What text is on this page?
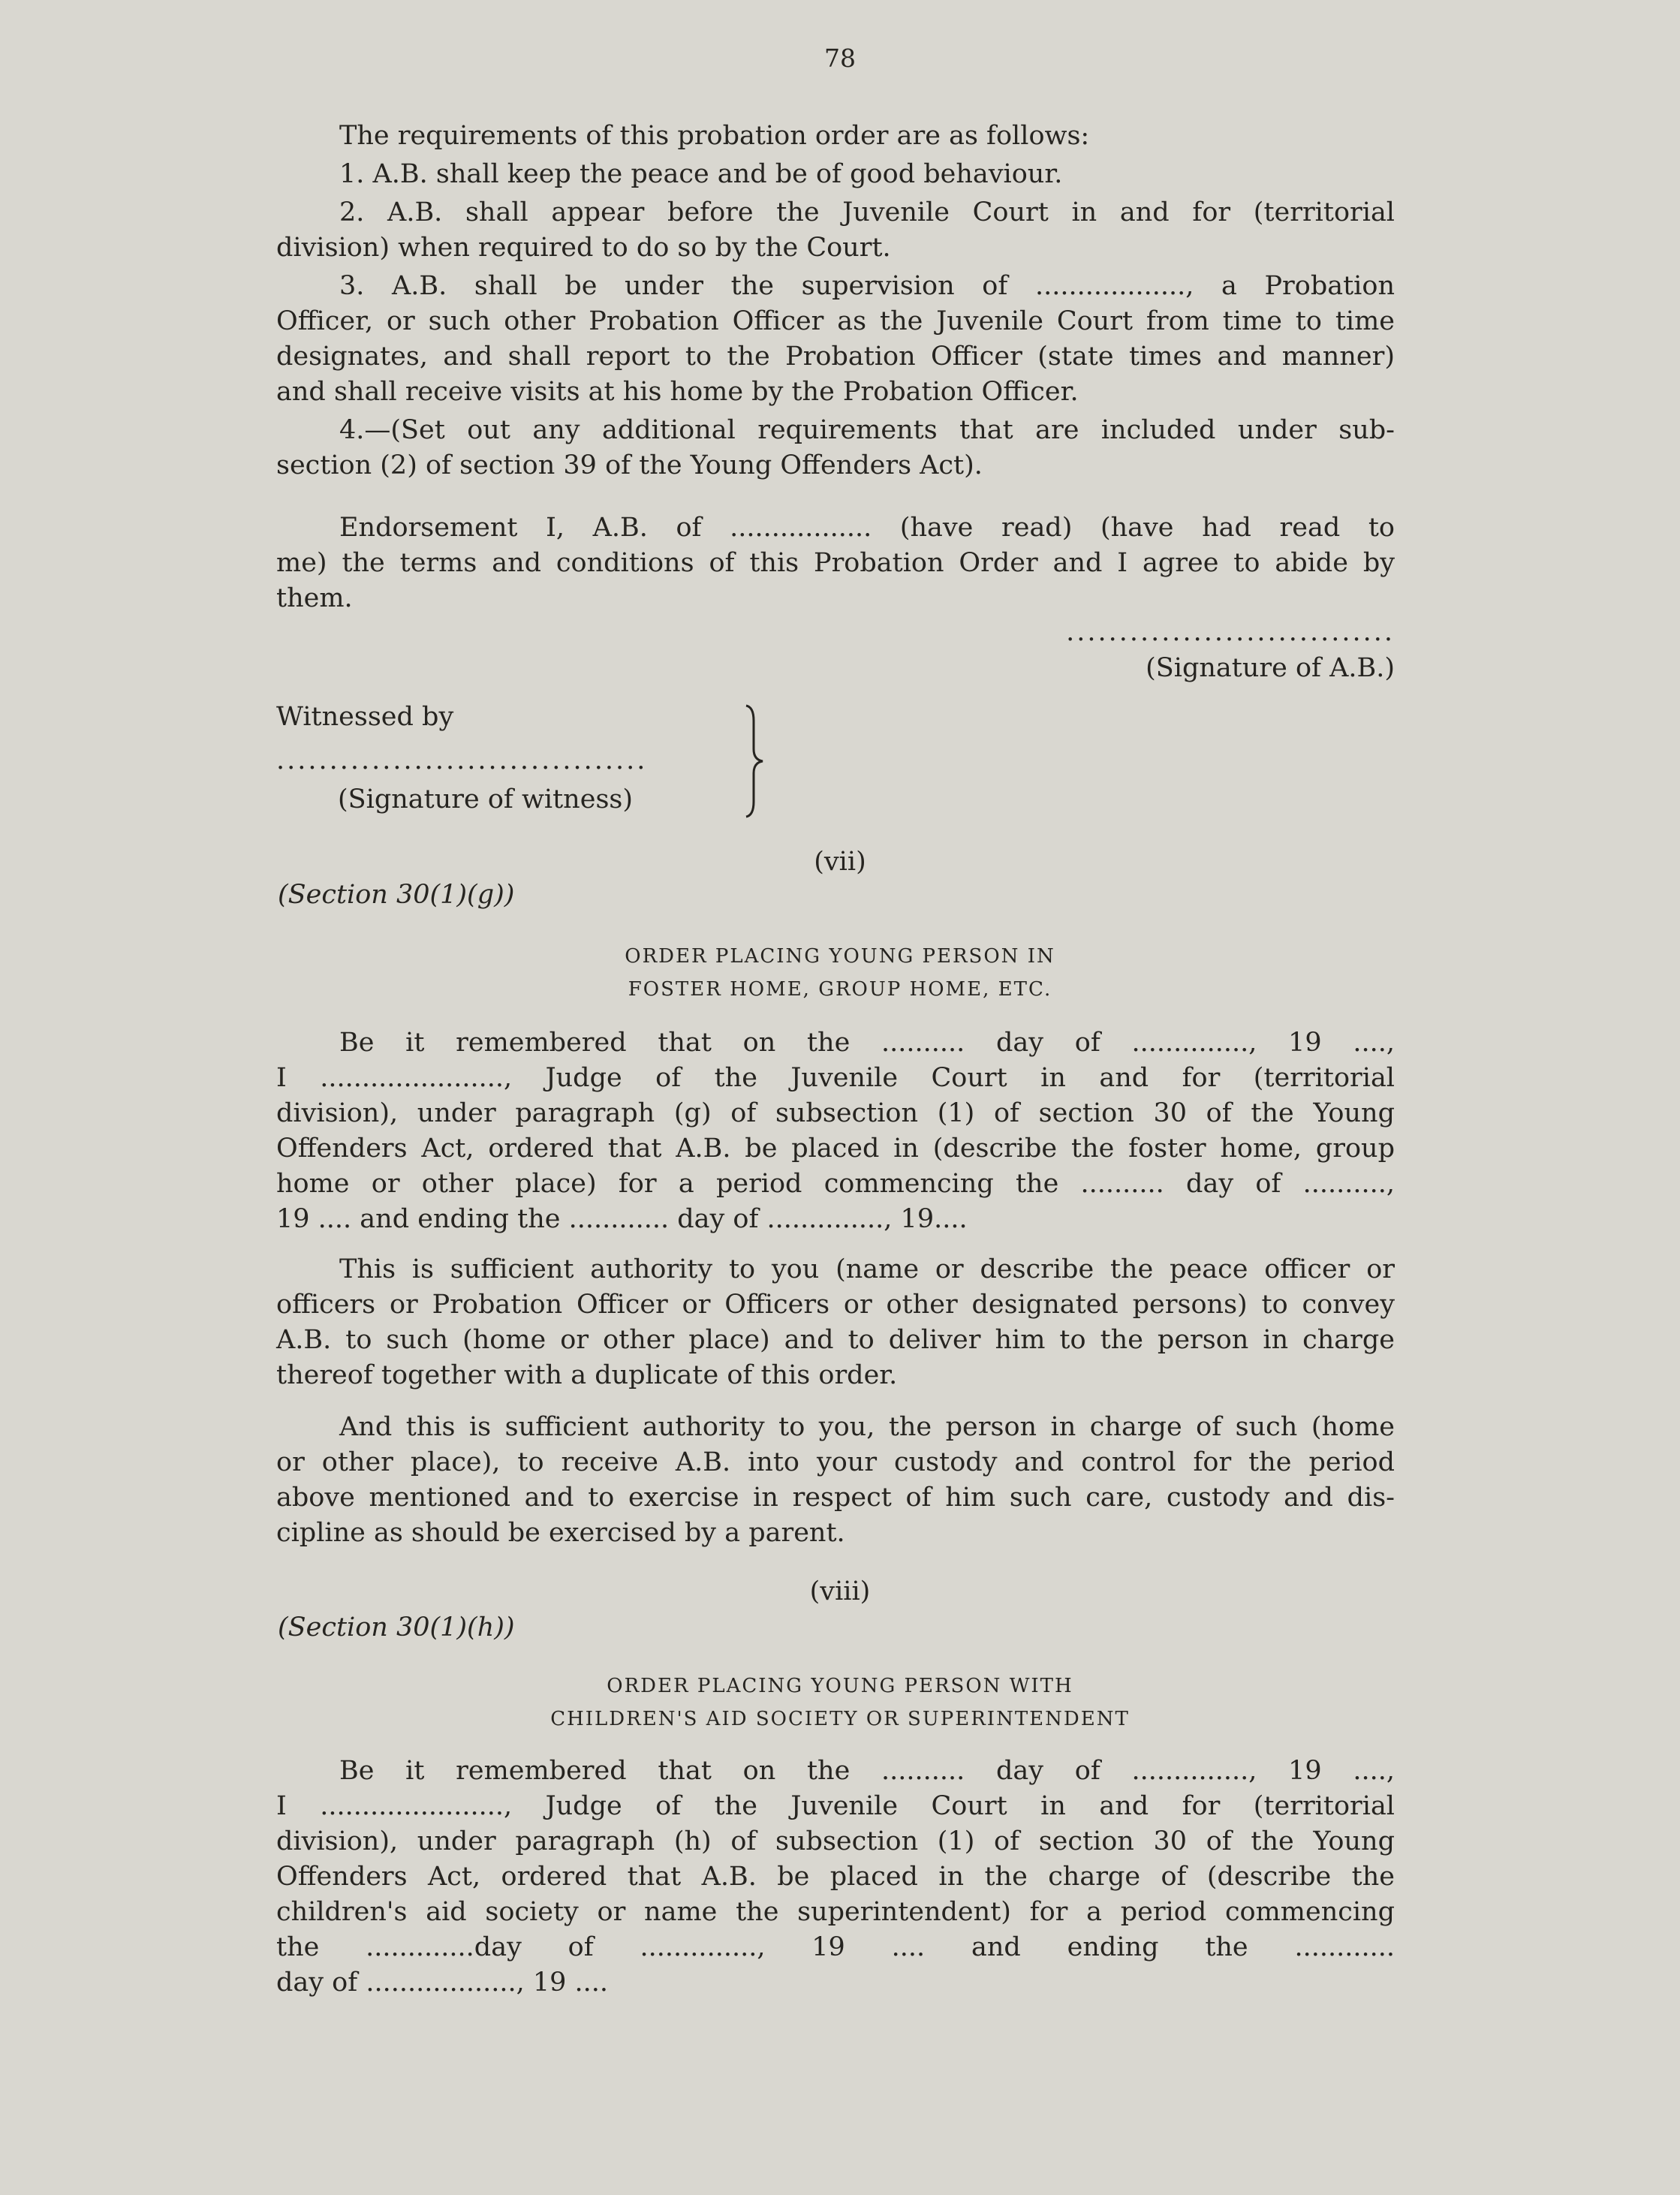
78

The requirements of this probation order are as follows:
1. A.B. shall keep the peace and be of good behaviour.
2. A.B. shall appear before the Juvenile Court in and for (territorial
division) when required to do so by the Court.
3. A.B. shall be under the supervision of .................., a Probation
Officer, or such other Probation Officer as the Juvenile Court from time to time
designates, and shall report to the Probation Officer (state times and manner)
and shall receive visits at his home by the Probation Officer.
4.—(Set out any additional requirements that are included under sub-
section (2) of section 39 of the Young Offenders Act).
Endorsement I, A.B. of ................. (have read) (have had read to
me) the terms and conditions of this Probation Order and I agree to abide by
them.

...............................

(Signature of A.B.)

Witnessed by

...................................

(Signature of witness)

(vii)

(Section 30(1)(g))

ORDER PLACING YOUNG PERSON IN

FOSTER HOME, GROUP HOME, ETC.

Be it remembered that on the .......... day of .............., 19 ....,
I ......................, Judge of the Juvenile Court in and for (territorial
division), under paragraph (g) of subsection (1) of section 30 of the Young
Offenders Act, ordered that A.B. be placed in (describe the foster home, group
home or other place) for a period commencing the .......... day of ..........,
19 .... and ending the ............ day of .............., 19....
This is sufficient authority to you (name or describe the peace officer or
officers or Probation Officer or Officers or other designated persons) to convey
A.B. to such (home or other place) and to deliver him to the person in charge
thereof together with a duplicate of this order.
And this is sufficient authority to you, the person in charge of such (home
or other place), to receive A.B. into your custody and control for the period
above mentioned and to exercise in respect of him such care, custody and dis-
cipline as should be exercised by a parent.

(viii)

(Section 30(1)(h))

ORDER PLACING YOUNG PERSON WITH

CHILDREN'S AID SOCIETY OR SUPERINTENDENT

Be it remembered that on the .......... day of .............., 19 ....,
I ......................, Judge of the Juvenile Court in and for (territorial
division), under paragraph (h) of subsection (1) of section 30 of the Young
Offenders Act, ordered that A.B. be placed in the charge of (describe the
children's aid society or name the superintendent) for a period commencing
the .............day of .............., 19 .... and ending the ............
day of .................., 19 ....
